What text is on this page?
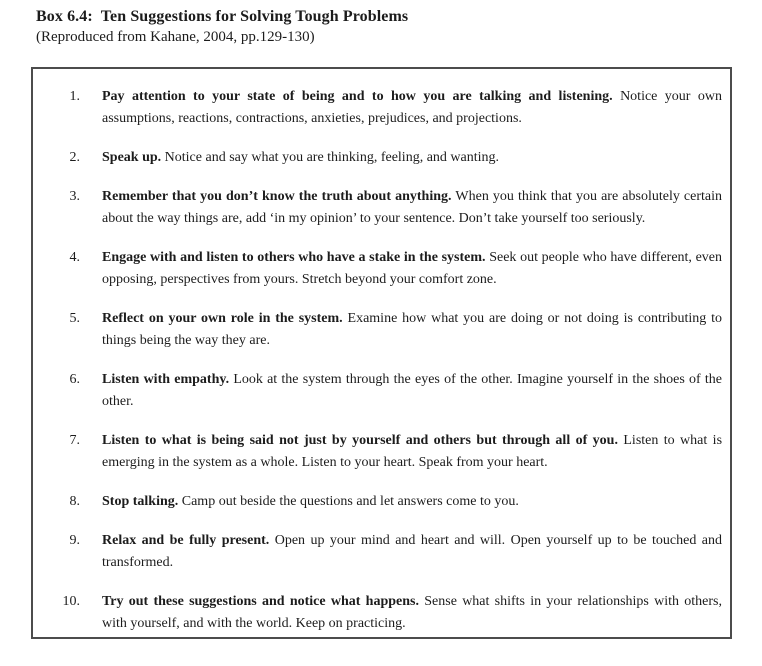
Box 6.4:  Ten Suggestions for Solving Tough Problems
(Reproduced from Kahane, 2004, pp.129-130)
1. Pay attention to your state of being and to how you are talking and listening. Notice your own assumptions, reactions, contractions, anxieties, prejudices, and projections.
2. Speak up. Notice and say what you are thinking, feeling, and wanting.
3. Remember that you don’t know the truth about anything. When you think that you are absolutely certain about the way things are, add ‘in my opinion’ to your sentence. Don’t take yourself too seriously.
4. Engage with and listen to others who have a stake in the system. Seek out people who have different, even opposing, perspectives from yours. Stretch beyond your comfort zone.
5. Reflect on your own role in the system. Examine how what you are doing or not doing is contributing to things being the way they are.
6. Listen with empathy. Look at the system through the eyes of the other. Imagine yourself in the shoes of the other.
7. Listen to what is being said not just by yourself and others but through all of you. Listen to what is emerging in the system as a whole. Listen to your heart. Speak from your heart.
8. Stop talking. Camp out beside the questions and let answers come to you.
9. Relax and be fully present. Open up your mind and heart and will. Open yourself up to be touched and transformed.
10. Try out these suggestions and notice what happens. Sense what shifts in your relationships with others, with yourself, and with the world. Keep on practicing.
